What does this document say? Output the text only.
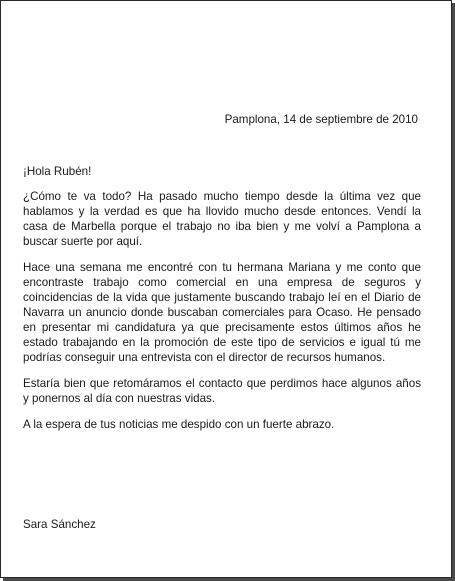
Pamplona, 14 de septiembre de 2010
¡Hola Rubén!

¿Cómo te va todo? Ha pasado mucho tiempo desde la última vez que hablamos y la verdad es que ha llovido mucho desde entonces. Vendí la casa de Marbella porque el trabajo no iba bien y me volví a Pamplona a buscar suerte por aquí.

Hace una semana me encontré con tu hermana Mariana y me conto que encontraste trabajo como comercial en una empresa de seguros y coincidencias de la vida que justamente buscando trabajo leí en el Diario de Navarra un anuncio donde buscaban comerciales para Ocaso. He pensado en presentar mi candidatura ya que precisamente estos últimos años he estado trabajando en la promoción de este tipo de servicios e igual tú me podrías conseguir una entrevista con el director de recursos humanos.

Estaría bien que retomáramos el contacto que perdimos hace algunos años y ponernos al día con nuestras vidas.

A la espera de tus noticias me despido con un fuerte abrazo.

Sara Sánchez
